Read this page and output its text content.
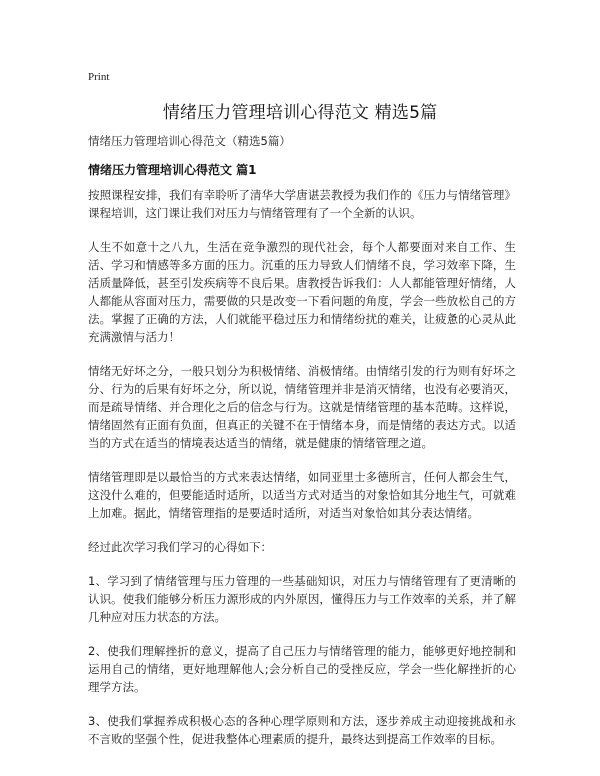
Print
情绪压力管理培训心得范文 精选5篇

情绪压力管理培训心得范文（精选5篇）

情绪压力管理培训心得范文 篇1

按照课程安排，我们有幸聆听了清华大学唐谌芸教授为我们作的《压力与情绪管理》课程培训，这门课让我们对压力与情绪管理有了一个全新的认识。

人生不如意十之八九，生活在竞争激烈的现代社会，每个人都要面对来自工作、生活、学习和情感等多方面的压力。沉重的压力导致人们情绪不良，学习效率下降，生活质量降低，甚至引发疾病等不良后果。唐教授告诉我们：人人都能管理好情绪，人人都能从容面对压力，需要做的只是改变一下看问题的角度，学会一些放松自己的方法。掌握了正确的方法，人们就能平稳过压力和情绪纷扰的难关，让疲惫的心灵从此充满激情与活力！

情绪无好坏之分，一般只划分为积极情绪、消极情绪。由情绪引发的行为则有好坏之分、行为的后果有好坏之分，所以说，情绪管理并非是消灭情绪，也没有必要消灭，而是疏导情绪、并合理化之后的信念与行为。这就是情绪管理的基本范畴。这样说，情绪固然有正面有负面，但真正的关键不在于情绪本身，而是情绪的表达方式。以适当的方式在适当的情境表达适当的情绪，就是健康的情绪管理之道。

情绪管理即是以最恰当的方式来表达情绪，如同亚里士多德所言，任何人都会生气，这没什么难的，但要能适时适所，以适当方式对适当的对象恰如其分地生气，可就难上加难。据此，情绪管理指的是要适时适所，对适当对象恰如其分表达情绪。

经过此次学习我们学习的心得如下：

1、学习到了情绪管理与压力管理的一些基础知识，对压力与情绪管理有了更清晰的认识。使我们能够分析压力源形成的内外原因，懂得压力与工作效率的关系，并了解几种应对压力状态的方法。

2、使我们理解挫折的意义，提高了自己压力与情绪管理的能力，能够更好地控制和运用自己的情绪，更好地理解他人;会分析自己的受挫反应，学会一些化解挫折的心理学方法。

3、使我们掌握养成积极心态的各种心理学原则和方法，逐步养成主动迎接挑战和永不言败的坚强个性，促进我整体心理素质的提升，最终达到提高工作效率的目标。
